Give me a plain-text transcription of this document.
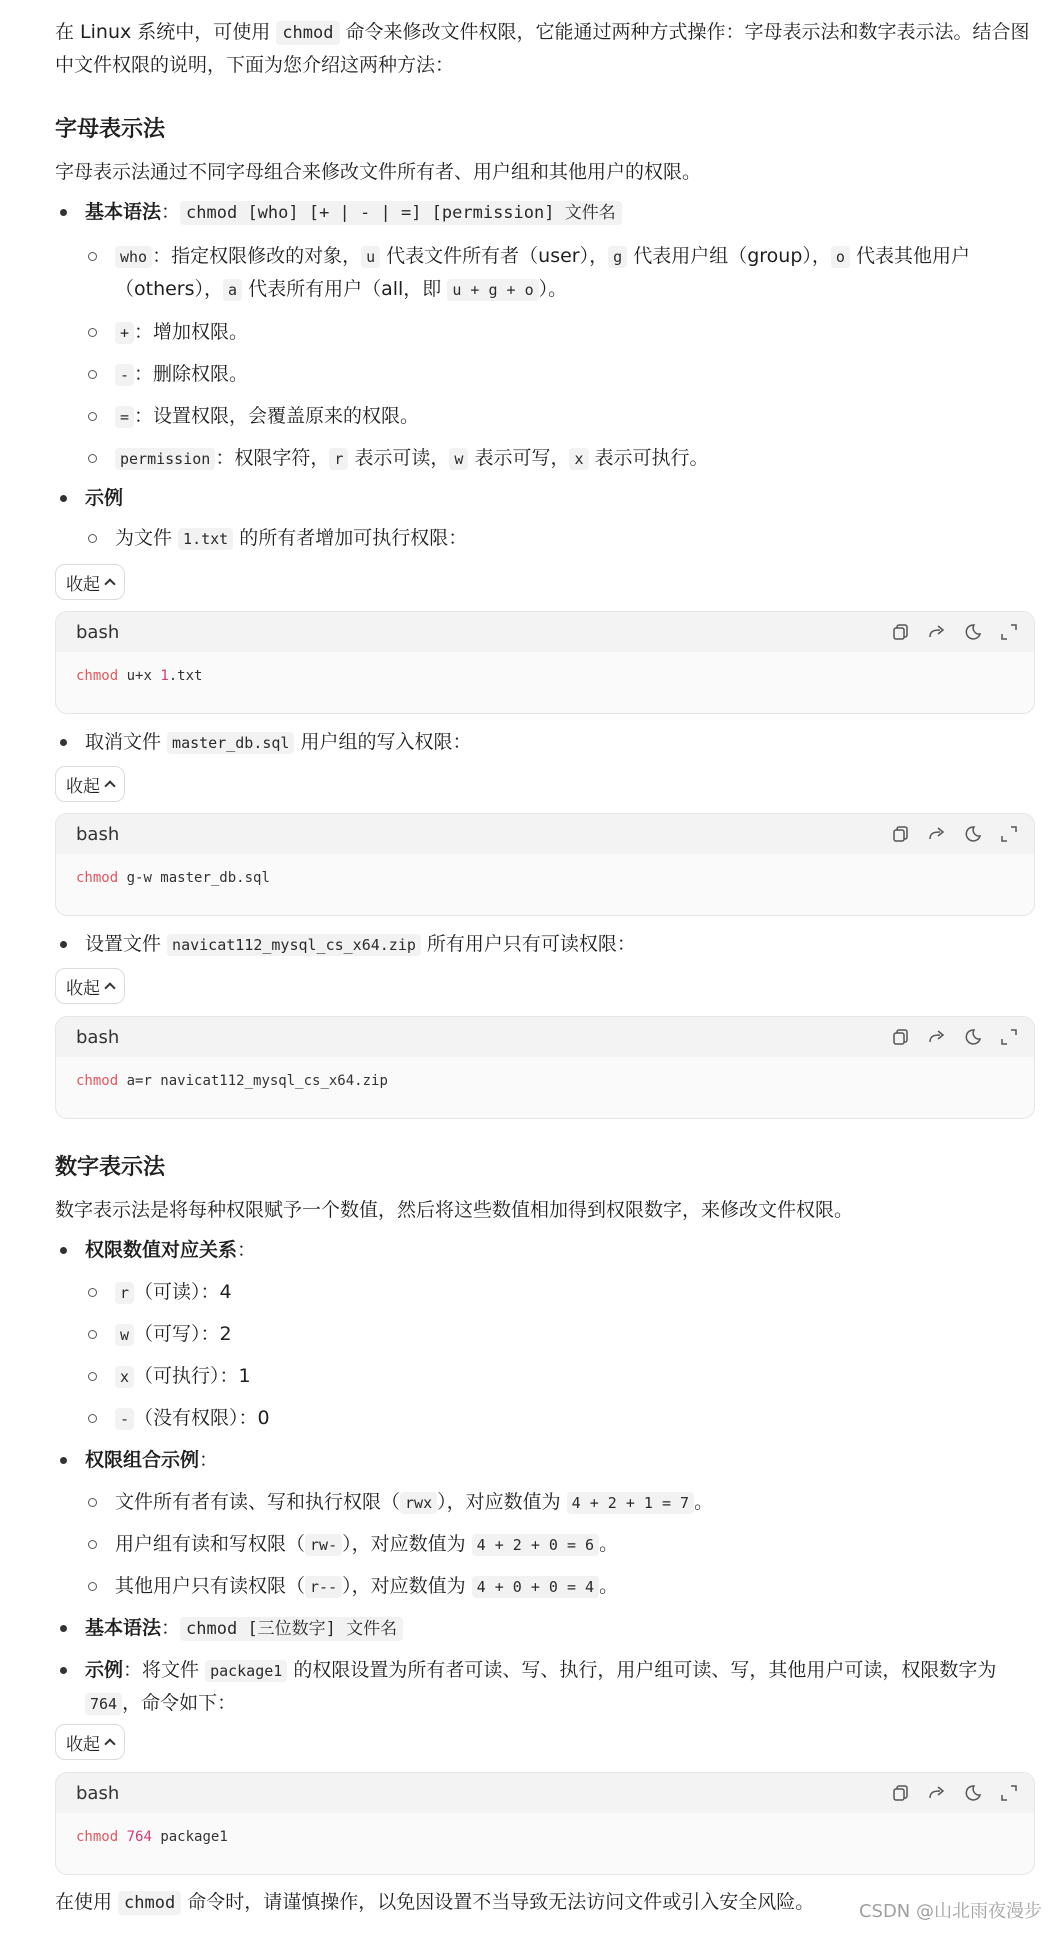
在 Linux 系统中，可使用 chmod 命令来修改文件权限，它能通过两种方式操作：字母表示法和数字表示法。结合图中文件权限的说明，下面为您介绍这两种方法：
字母表示法
字母表示法通过不同字母组合来修改文件所有者、用户组和其他用户的权限。
基本语法： chmod [who] [+ | - | =] [permission] 文件名
who ：指定权限修改的对象， u 代表文件所有者（user）， g 代表用户组（group）， o 代表其他用户（others）， a 代表所有用户（all，即 u + g + o ）。
+ ：增加权限。
- ：删除权限。
= ：设置权限，会覆盖原来的权限。
permission ：权限字符， r 表示可读， w 表示可写， x 表示可执行。
示例
为文件 1.txt 的所有者增加可执行权限：
收起
bash
chmod u+x 1.txt
取消文件 master_db.sql 用户组的写入权限：
收起
bash
chmod g-w master_db.sql
设置文件 navicat112_mysql_cs_x64.zip 所有用户只有可读权限：
收起
bash
chmod a=r navicat112_mysql_cs_x64.zip
数字表示法
数字表示法是将每种权限赋予一个数值，然后将这些数值相加得到权限数字，来修改文件权限。
权限数值对应关系：
r （可读）：4
w （可写）：2
x （可执行）：1
- （没有权限）：0
权限组合示例：
文件所有者有读、写和执行权限（ rwx ），对应数值为 4 + 2 + 1 = 7 。
用户组有读和写权限（ rw- ），对应数值为 4 + 2 + 0 = 6 。
其他用户只有读权限（ r-- ），对应数值为 4 + 0 + 0 = 4 。
基本语法： chmod [三位数字] 文件名
示例：将文件 package1 的权限设置为所有者可读、写、执行，用户组可读、写，其他用户可读，权限数字为 764 ，命令如下：
收起
bash
chmod 764 package1
在使用 chmod 命令时，请谨慎操作，以免因设置不当导致无法访问文件或引入安全风险。	CSDN @山北雨夜漫步
